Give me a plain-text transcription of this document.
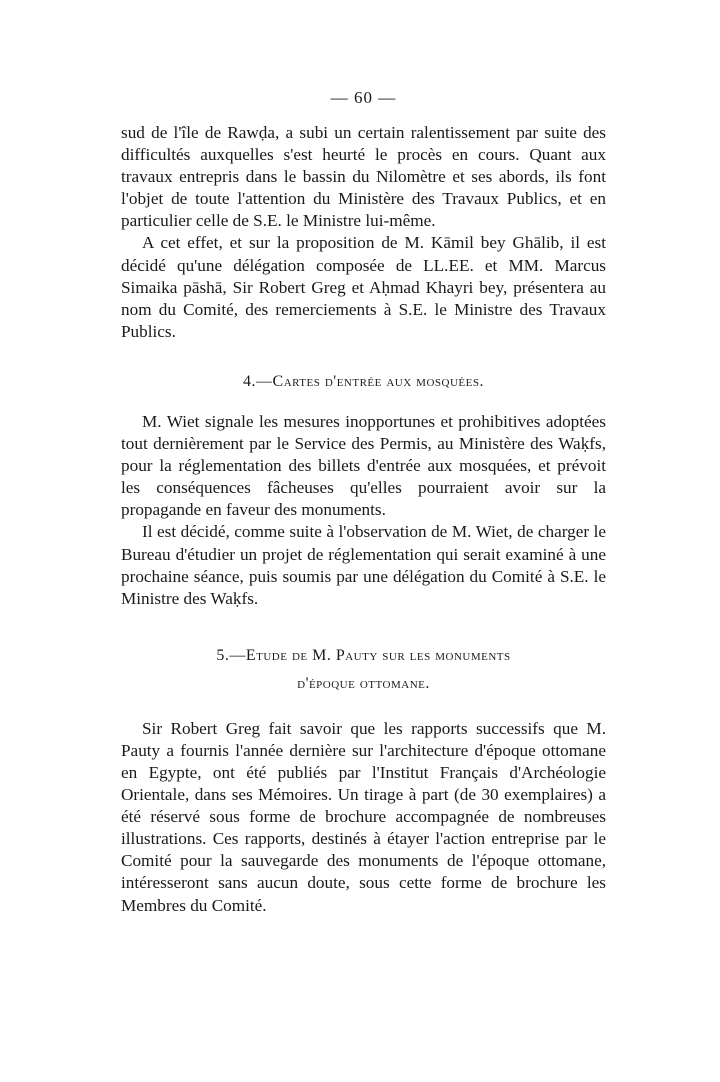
— 60 —

sud de l'île de Rawḍa, a subi un certain ralentissement par suite des difficultés auxquelles s'est heurté le procès en cours. Quant aux travaux entrepris dans le bassin du Nilomètre et ses abords, ils font l'objet de toute l'attention du Ministère des Travaux Publics, et en particulier celle de S.E. le Ministre lui-même.

A cet effet, et sur la proposition de M. Kāmil bey Ghālib, il est décidé qu'une délégation composée de LL.EE. et MM. Marcus Simaika pāshā, Sir Robert Greg et Aḥmad Khayri bey, présentera au nom du Comité, des remerciements à S.E. le Ministre des Travaux Publics.

4.—Cartes d'entrée aux mosquées.

M. Wiet signale les mesures inopportunes et prohibitives adoptées tout dernièrement par le Service des Permis, au Ministère des Waḳfs, pour la réglementation des billets d'entrée aux mosquées, et prévoit les conséquences fâcheuses qu'elles pourraient avoir sur la propagande en faveur des monuments.

Il est décidé, comme suite à l'observation de M. Wiet, de charger le Bureau d'étudier un projet de réglementation qui serait examiné à une prochaine séance, puis soumis par une délégation du Comité à S.E. le Ministre des Waḳfs.

5.—Etude de M. Pauty sur les monuments
d'époque ottomane.

Sir Robert Greg fait savoir que les rapports successifs que M. Pauty a fournis l'année dernière sur l'architecture d'époque ottomane en Egypte, ont été publiés par l'Institut Français d'Archéologie Orientale, dans ses Mémoires. Un tirage à part (de 30 exemplaires) a été réservé sous forme de brochure accompagnée de nombreuses illustrations. Ces rapports, destinés à étayer l'action entreprise par le Comité pour la sauvegarde des monuments de l'époque ottomane, intéresseront sans aucun doute, sous cette forme de brochure les Membres du Comité.
